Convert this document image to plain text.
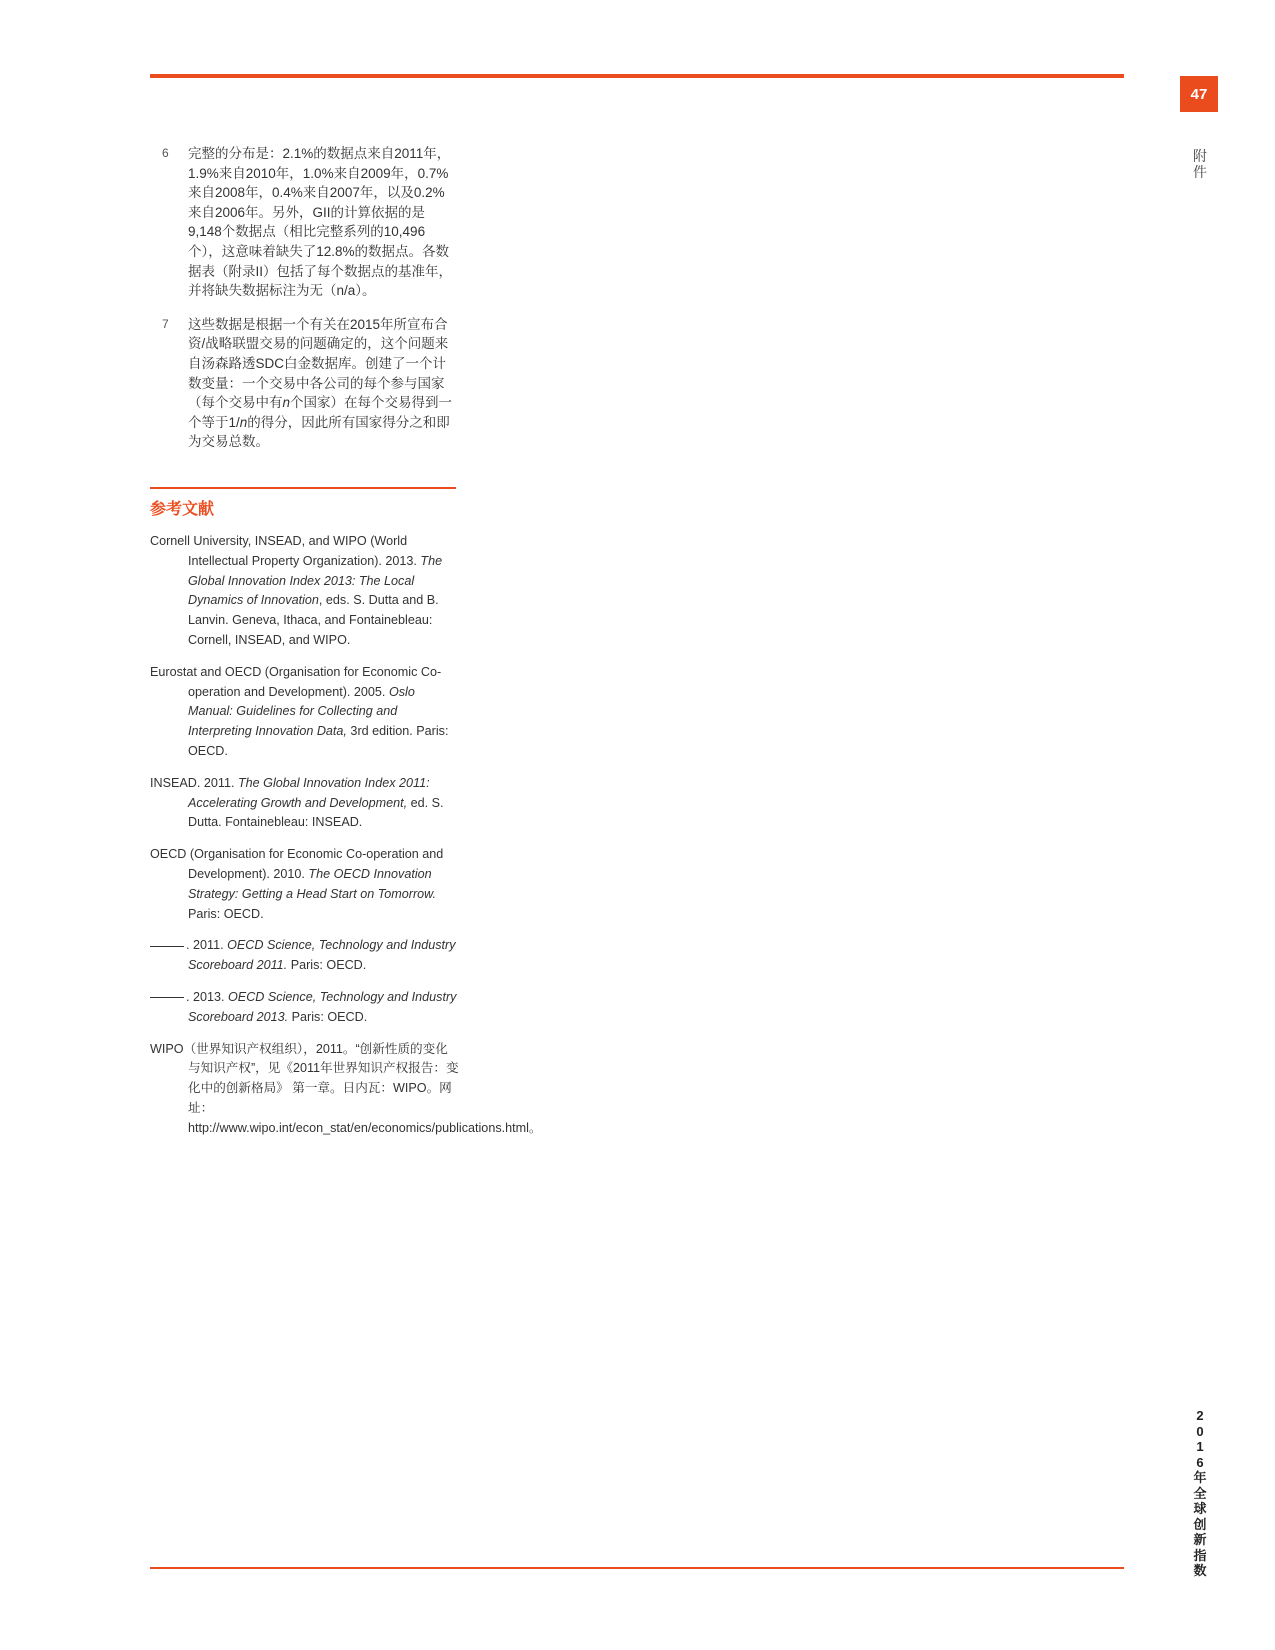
47
附
件
2
0
1
6
年
全
球
创
新
指
数
6 完整的分布是：2.1%的数据点来自2011年，1.9%来自2010年，1.0%来自2009年，0.7%来自2008年，0.4%来自2007年，以及0.2%来自2006年。另外，GII的计算依据的是9,148个数据点（相比完整系列的10,496个），这意味着缺失了12.8%的数据点。各数据表（附录II）包括了每个数据点的基准年，并将缺失数据标注为无（n/a）。
7 这些数据是根据一个有关在2015年所宣布合资/战略联盟交易的问题确定的，这个问题来自汤森路透SDC白金数据库。创建了一个计数变量：一个交易中各公司的每个参与国家（每个交易中有n个国家）在每个交易得到一个等于1/n的得分，因此所有国家得分之和即为交易总数。
参考文献
Cornell University, INSEAD, and WIPO (World Intellectual Property Organization). 2013. The Global Innovation Index 2013: The Local Dynamics of Innovation, eds. S. Dutta and B. Lanvin. Geneva, Ithaca, and Fontainebleau: Cornell, INSEAD, and WIPO.
Eurostat and OECD (Organisation for Economic Co-operation and Development). 2005. Oslo Manual: Guidelines for Collecting and Interpreting Innovation Data, 3rd edition. Paris: OECD.
INSEAD. 2011. The Global Innovation Index 2011: Accelerating Growth and Development, ed. S. Dutta. Fontainebleau: INSEAD.
OECD (Organisation for Economic Co-operation and Development). 2010. The OECD Innovation Strategy: Getting a Head Start on Tomorrow. Paris: OECD.
. 2011. OECD Science, Technology and Industry Scoreboard 2011. Paris: OECD.
. 2013. OECD Science, Technology and Industry Scoreboard 2013. Paris: OECD.
WIPO（世界知识产权组织），2011。“创新性质的变化与知识产权”，见《2011年世界知识产权报告：变化中的创新格局》 第一章。日内瓦：WIPO。网址：http://www.wipo.int/econ_stat/en/economics/publications.html。
